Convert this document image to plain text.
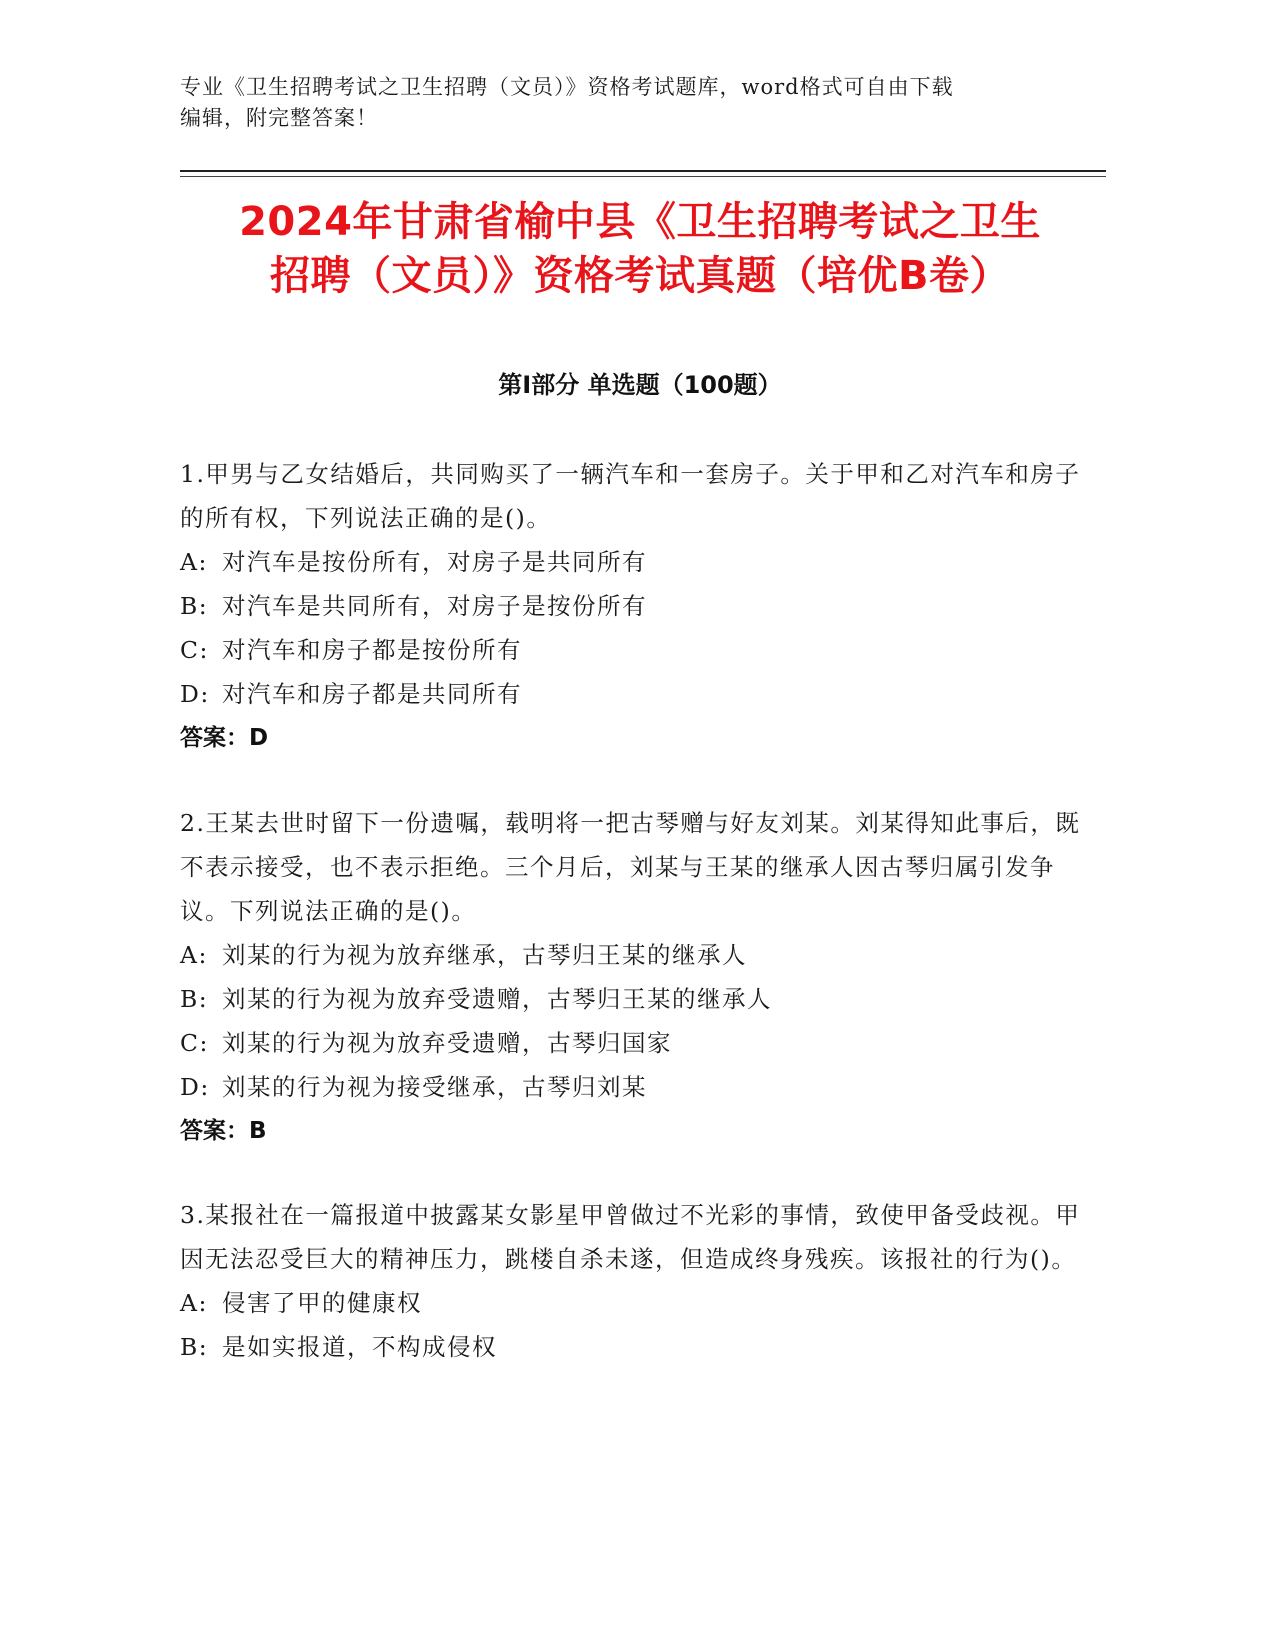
专业《卫生招聘考试之卫生招聘（文员）》资格考试题库，word格式可自由下载
编辑，附完整答案！
2024年甘肃省榆中县《卫生招聘考试之卫生
招聘（文员）》资格考试真题（培优B卷）
第Ⅰ部分 单选题（100题）

1.甲男与乙女结婚后，共同购买了一辆汽车和一套房子。关于甲和乙对汽车和房子的所有权，下列说法正确的是()。

A: 对汽车是按份所有，对房子是共同所有

B: 对汽车是共同所有，对房子是按份所有

C: 对汽车和房子都是按份所有

D: 对汽车和房子都是共同所有

答案：D

2.王某去世时留下一份遗嘱，载明将一把古琴赠与好友刘某。刘某得知此事后，既不表示接受，也不表示拒绝。三个月后，刘某与王某的继承人因古琴归属引发争议。下列说法正确的是()。

A: 刘某的行为视为放弃继承，古琴归王某的继承人

B: 刘某的行为视为放弃受遗赠，古琴归王某的继承人

C: 刘某的行为视为放弃受遗赠，古琴归国家

D: 刘某的行为视为接受继承，古琴归刘某

答案：B

3.某报社在一篇报道中披露某女影星甲曾做过不光彩的事情，致使甲备受歧视。甲因无法忍受巨大的精神压力，跳楼自杀未遂，但造成终身残疾。该报社的行为()。

A: 侵害了甲的健康权

B: 是如实报道，不构成侵权
